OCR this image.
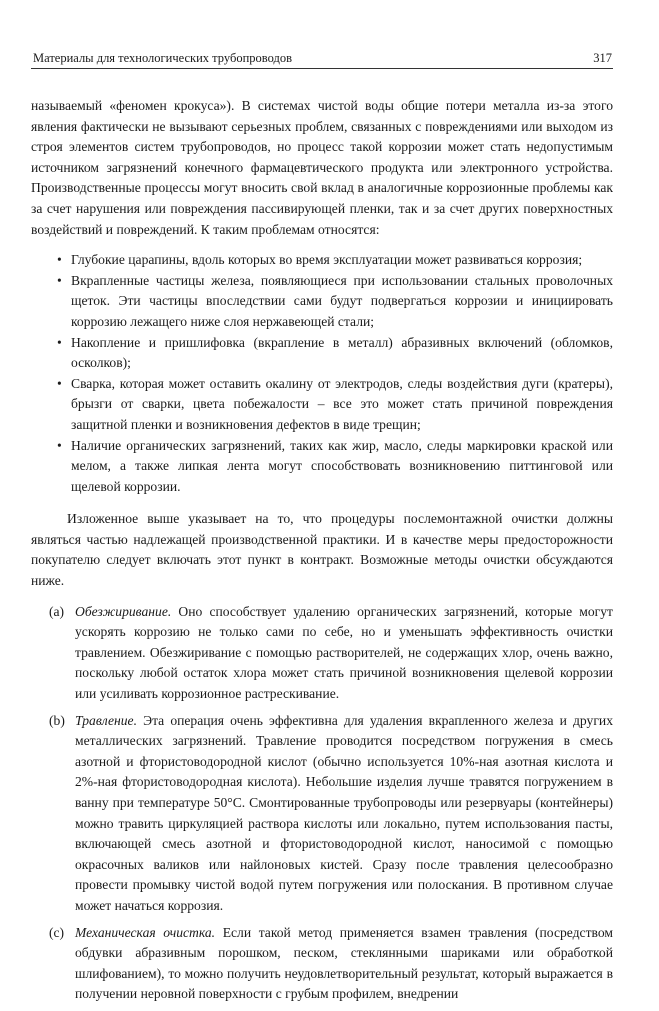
Материалы для технологических трубопроводов	317

называемый «феномен крокуса»). В системах чистой воды общие потери металла из-за этого явления фактически не вызывают серьезных проблем, связанных с повреждениями или выходом из строя элементов систем трубопроводов, но процесс такой коррозии может стать недопустимым источником загрязнений конечного фармацевтического продукта или электронного устройства. Производственные процессы могут вносить свой вклад в аналогичные коррозионные проблемы как за счет нарушения или повреждения пассивирующей пленки, так и за счет других поверхностных воздействий и повреждений. К таким проблемам относятся:

• Глубокие царапины, вдоль которых во время эксплуатации может развиваться коррозия;
• Вкрапленные частицы железа, появляющиеся при использовании стальных проволочных щеток. Эти частицы впоследствии сами будут подвергаться коррозии и инициировать коррозию лежащего ниже слоя нержавеющей стали;
• Накопление и пришлифовка (вкрапление в металл) абразивных включений (обломков, осколков);
• Сварка, которая может оставить окалину от электродов, следы воздействия дуги (кратеры), брызги от сварки, цвета побежалости – все это может стать причиной повреждения защитной пленки и возникновения дефектов в виде трещин;
• Наличие органических загрязнений, таких как жир, масло, следы маркировки краской или мелом, а также липкая лента могут способствовать возникновению питтинговой или щелевой коррозии.

Изложенное выше указывает на то, что процедуры послемонтажной очистки должны являться частью надлежащей производственной практики. И в качестве меры предосторожности покупателю следует включать этот пункт в контракт. Возможные методы очистки обсуждаются ниже.

(a) Обезжиривание. Оно способствует удалению органических загрязнений, которые могут ускорять коррозию не только сами по себе, но и уменьшать эффективность очистки травлением. Обезжиривание с помощью растворителей, не содержащих хлор, очень важно, поскольку любой остаток хлора может стать причиной возникновения щелевой коррозии или усиливать коррозионное растрескивание.
(b) Травление. Эта операция очень эффективна для удаления вкрапленного железа и других металлических загрязнений. Травление проводится посредством погружения в смесь азотной и фтористоводородной кислот (обычно используется 10%-ная азотная кислота и 2%-ная фтористоводородная кислота). Небольшие изделия лучше травятся погружением в ванну при температуре 50°C. Смонтированные трубопроводы или резервуары (контейнеры) можно травить циркуляцией раствора кислоты или локально, путем использования пасты, включающей смесь азотной и фтористоводородной кислот, наносимой с помощью окрасочных валиков или найлоновых кистей. Сразу после травления целесообразно провести промывку чистой водой путем погружения или полоскания. В противном случае может начаться коррозия.
(c) Механическая очистка. Если такой метод применяется взамен травления (посредством обдувки абразивным порошком, песком, стеклянными шариками или обработкой шлифованием), то можно получить неудовлетворительный результат, который выражается в получении неровной поверхности с грубым профилем, внедрении
